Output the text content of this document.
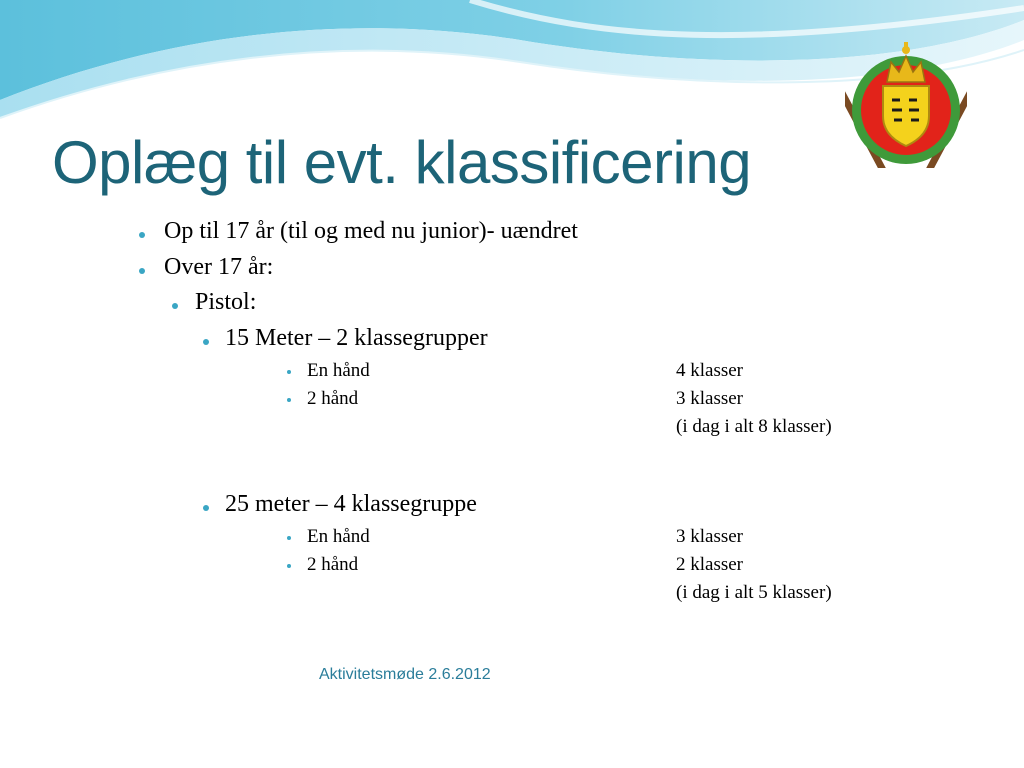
Oplæg til evt. klassificering
Op til 17 år (til og med nu junior)- uændret
Over 17 år:
Pistol:
15 Meter – 2 klassegrupper
En hånd	4 klasser
2 hånd	3 klasser
(i dag i alt 8 klasser)
25 meter – 4 klassegruppe
En hånd	3 klasser
2 hånd	2 klasser
(i dag i alt 5 klasser)
Aktivitetsmøde 2.6.2012
